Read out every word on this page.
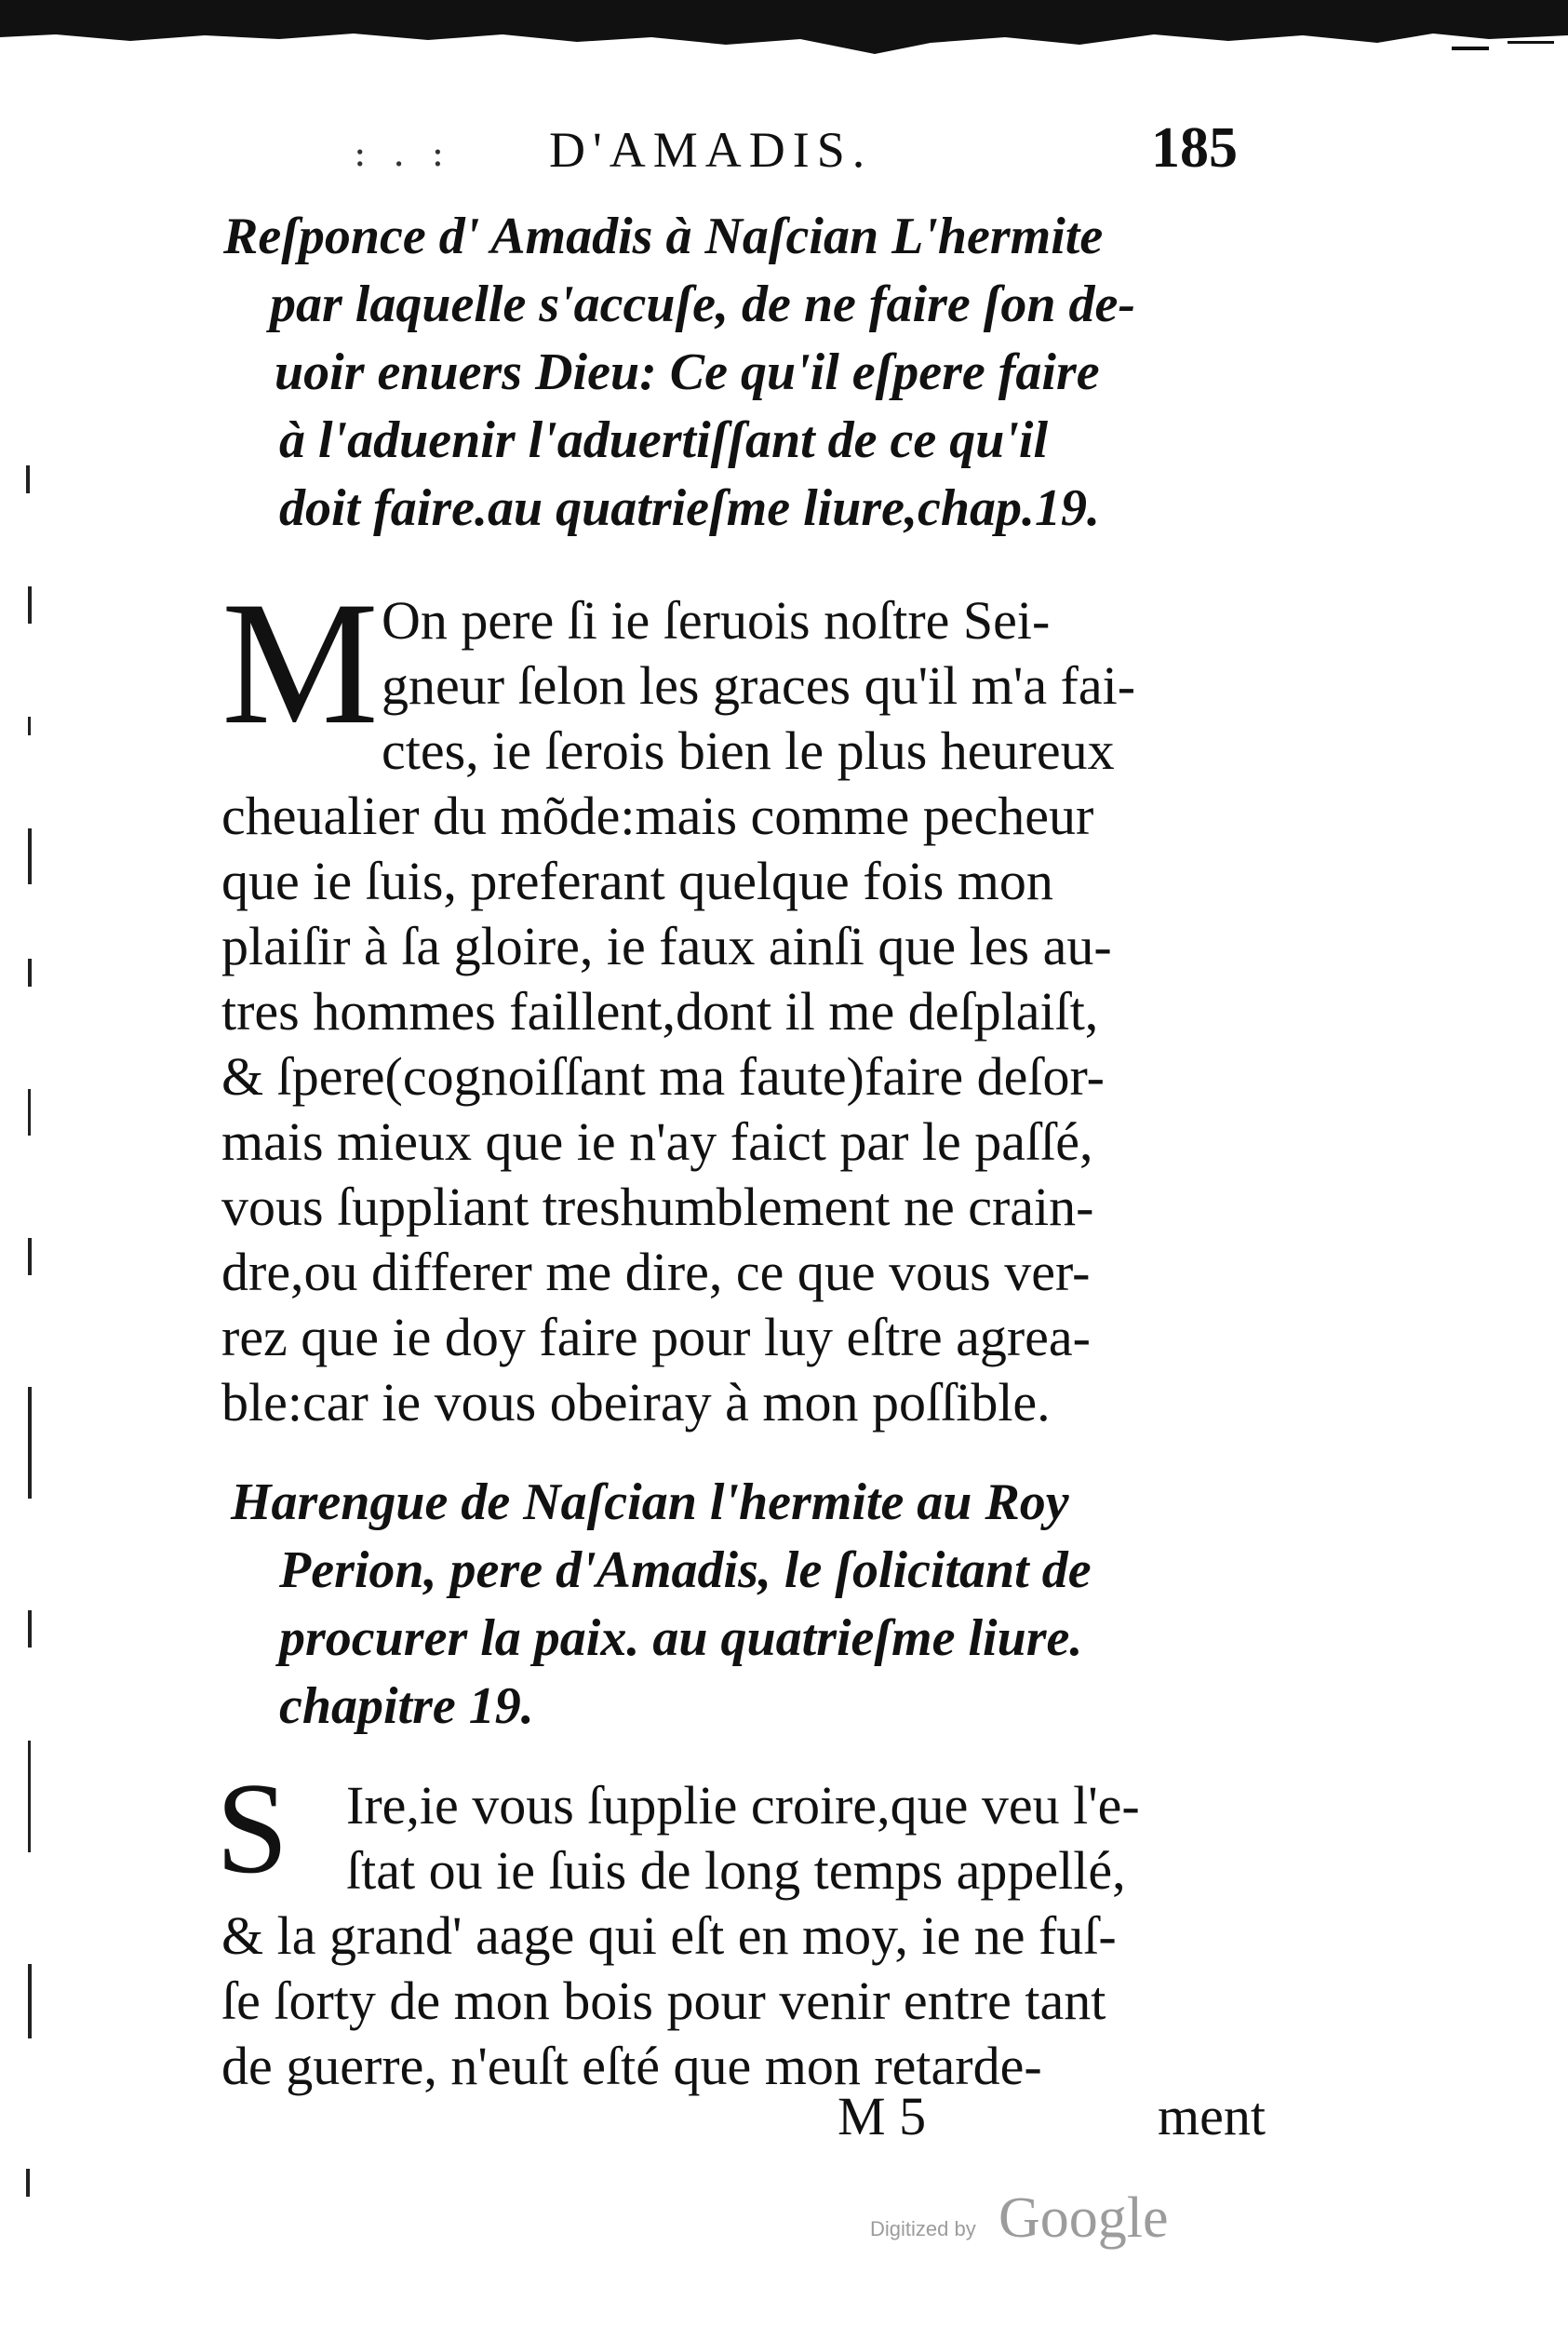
: . : D'AMADIS.	185
Reſponce d' Amadis à Naſcian L'hermite
par laquelle s'accuſe, de ne faire ſon de-
uoir enuers Dieu: Ce qu'il eſpere faire
à l'aduenir l'aduertiſſant de ce qu'il
doit faire.au quatrieſme liure,chap.19.
M On pere ſi ie ſeruois noſtre Sei-
gneur ſelon les graces qu'il m'a fai-
ctes, ie ſerois bien le plus heureux
cheualier du mõde:mais comme pecheur
que ie ſuis, preferant quelque fois mon
plaiſir à ſa gloire, ie faux ainſi que les au-
tres hommes faillent,dont il me deſplaiſt,
& ſpere(cognoiſſant ma faute)faire deſor-
mais mieux que ie n'ay faict par le paſſé,
vous ſuppliant treshumblement ne crain-
dre,ou differer me dire, ce que vous ver-
rez que ie doy faire pour luy eſtre agrea-
ble:car ie vous obeiray à mon poſſible.
Harengue de Naſcian l'hermite au Roy
Perion, pere d'Amadis, le ſolicitant de
procurer la paix. au quatrieſme liure.
chapitre 19.
S Ire,ie vous ſupplie croire,que veu l'e-
ſtat ou ie ſuis de long temps appellé,
& la grand' aage qui eſt en moy, ie ne fuſ-
ſe ſorty de mon bois pour venir entre tant
de guerre, n'euſt eſté que mon retarde-
M 5	ment
Digitized by Google
